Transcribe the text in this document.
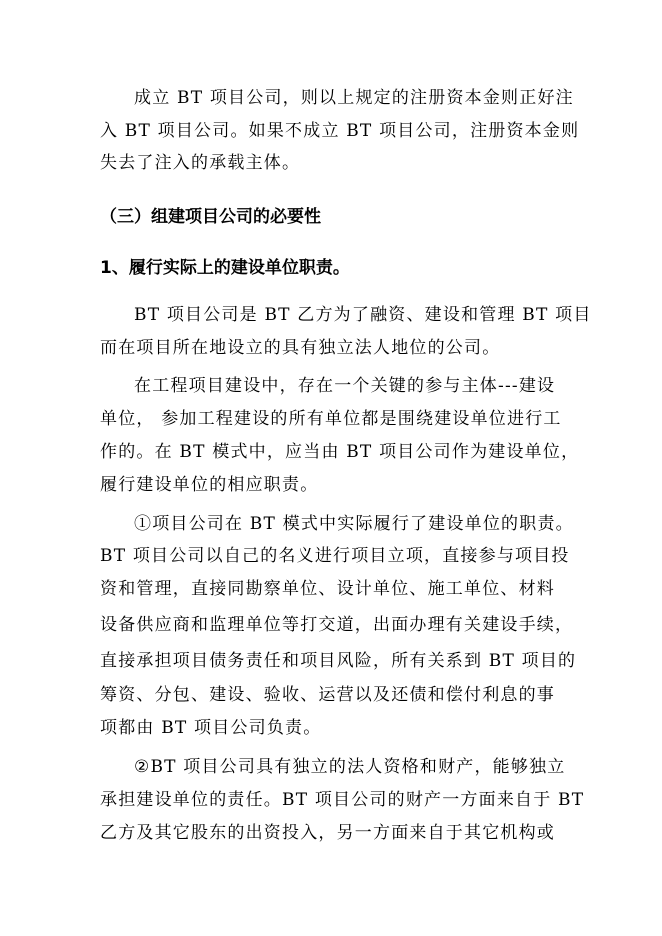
成立 BT 项目公司，则以上规定的注册资本金则正好注
入 BT 项目公司。如果不成立 BT 项目公司，注册资本金则
失去了注入的承载主体。
（三）组建项目公司的必要性
1、履行实际上的建设单位职责。
BT 项目公司是 BT 乙方为了融资、建设和管理 BT 项目
而在项目所在地设立的具有独立法人地位的公司。
在工程项目建设中，存在一个关键的参与主体---建设
单位， 参加工程建设的所有单位都是围绕建设单位进行工
作的。在 BT 模式中，应当由 BT 项目公司作为建设单位，
履行建设单位的相应职责。
①项目公司在 BT 模式中实际履行了建设单位的职责。
BT 项目公司以自己的名义进行项目立项，直接参与项目投
资和管理，直接同勘察单位、设计单位、施工单位、材料
设备供应商和监理单位等打交道，出面办理有关建设手续，
直接承担项目债务责任和项目风险，所有关系到 BT 项目的
筹资、分包、建设、验收、运营以及还债和偿付利息的事
项都由 BT 项目公司负责。
②BT 项目公司具有独立的法人资格和财产，能够独立
承担建设单位的责任。BT 项目公司的财产一方面来自于 BT
乙方及其它股东的出资投入，另一方面来自于其它机构或
